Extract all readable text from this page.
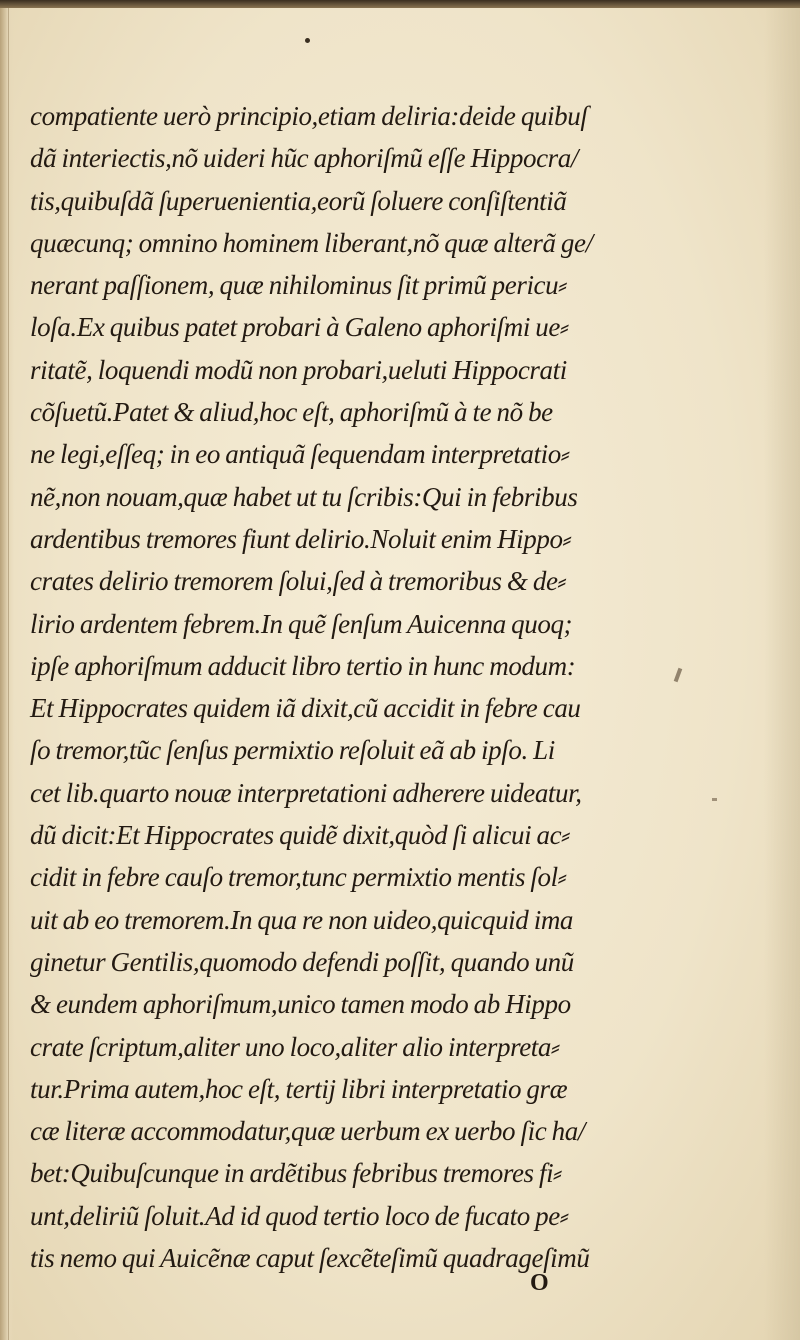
compatiente uerò principio,etiam deliria:deide quibuſ
dã interiectis,nõ uideri hũc aphoriſmũ eſſe Hippocra/
tis,quibuſdã ſuperuenientia,eorũ ſoluere conſiſtentiã
quæcunq; omnino hominem liberant,nõ quæ alterã ge/
nerant paſſionem, quæ nihilominus ſit primũ pericu⸗
loſa.Ex quibus patet probari à Galeno aphoriſmi ue⸗
ritatẽ, loquendi modũ non probari,ueluti Hippocrati
cõſuetũ.Patet & aliud,hoc eſt, aphoriſmũ à te nõ be
ne legi,eſſeq; in eo antiquã ſequendam interpretatio⸗
nẽ,non nouam,quæ habet ut tu ſcribis:Qui in febribus
ardentibus tremores fiunt delirio.Noluit enim Hippo⸗
crates delirio tremorem ſolui,ſed à tremoribus & de⸗
lirio ardentem febrem.In quẽ ſenſum Auicenna quoq;
ipſe aphoriſmum adducit libro tertio in hunc modum:
Et Hippocrates quidem iã dixit,cũ accidit in febre cau
ſo tremor,tũc ſenſus permixtio reſoluit eã ab ipſo. Li
cet lib.quarto nouæ interpretationi adherere uideatur,
dũ dicit:Et Hippocrates quidẽ dixit,quòd ſi alicui ac⸗
cidit in febre cauſo tremor,tunc permixtio mentis ſol⸗
uit ab eo tremorem.In qua re non uideo,quicquid ima
ginetur Gentilis,quomodo defendi poſſit, quando unũ
& eundem aphoriſmum,unico tamen modo ab Hippo
crate ſcriptum,aliter uno loco,aliter alio interpreta⸗
tur.Prima autem,hoc eſt, tertij libri interpretatio græ
cæ literæ accommodatur,quæ uerbum ex uerbo ſic ha/
bet:Quibuſcunque in ardẽtibus febribus tremores fi⸗
unt,deliriũ ſoluit.Ad id quod tertio loco de fucato pe⸗
tis nemo qui Auicẽnæ caput ſexcẽteſimũ quadrageſimũ
O
